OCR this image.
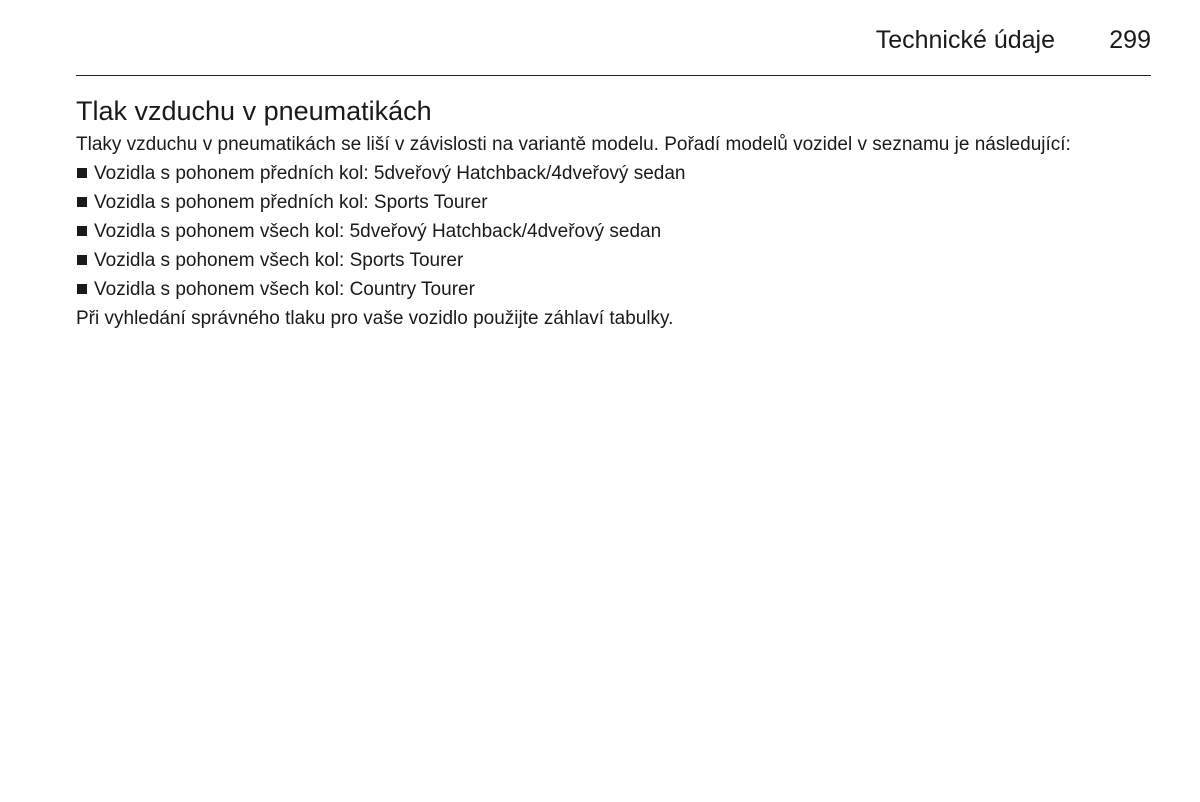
Technické údaje 299
Tlak vzduchu v pneumatikách

Tlaky vzduchu v pneumatikách se liší v závislosti na variantě modelu. Pořadí modelů vozidel v seznamu je následující:

Vozidla s pohonem předních kol: 5dveřový Hatchback/4dveřový sedan
Vozidla s pohonem předních kol: Sports Tourer
Vozidla s pohonem všech kol: 5dveřový Hatchback/4dveřový sedan
Vozidla s pohonem všech kol: Sports Tourer
Vozidla s pohonem všech kol: Country Tourer

Při vyhledání správného tlaku pro vaše vozidlo použijte záhlaví tabulky.
